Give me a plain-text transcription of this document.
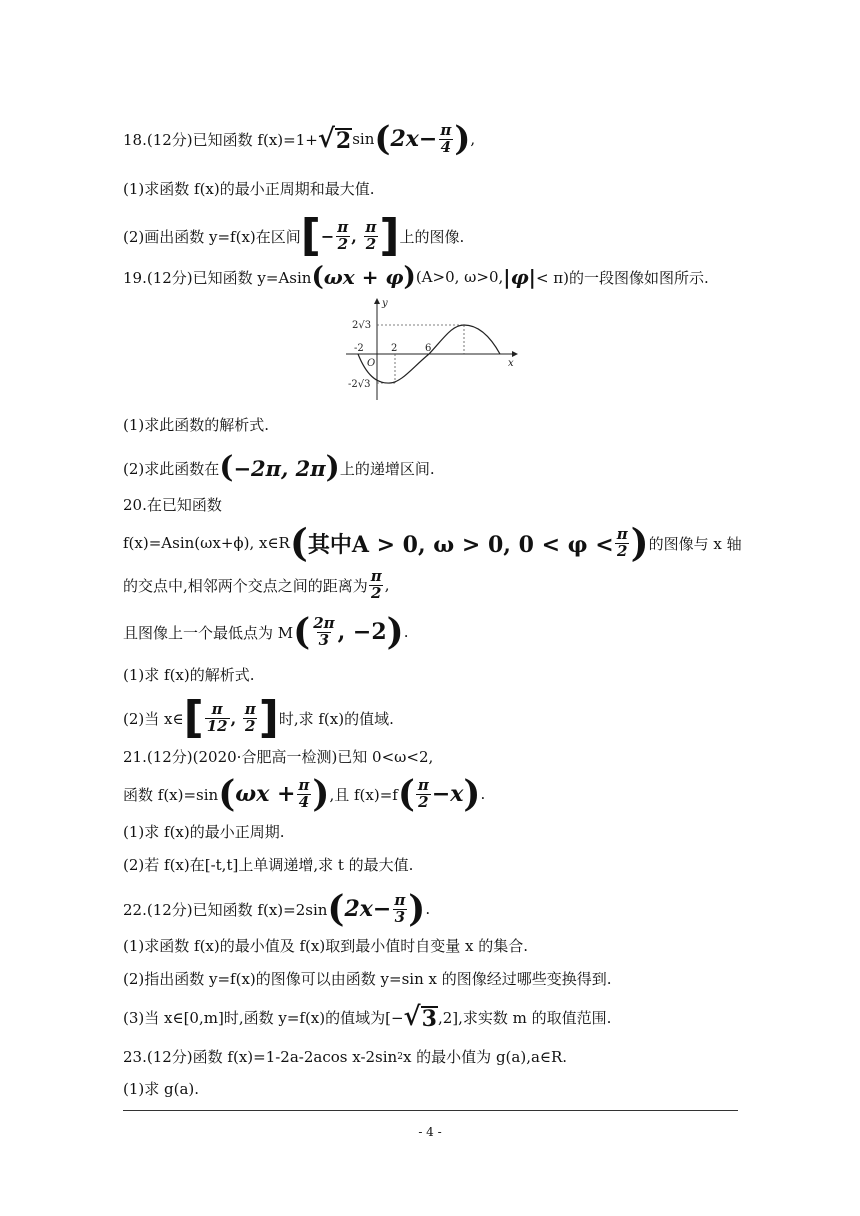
18.(12分)已知函数 f(x)=1+ √ 2 sin ( $2x- \frac{\pi}{4}$ ) ,
(1)求函数 f(x)的最小正周期和最大值.
(2)画出函数 y=f(x)在区间 [ − $\frac{\pi}{2}$ , $\frac{\pi}{2}$ ] 上的图像.
19.(12分)已知函数 y=Asin ( ωx + φ ) (A>0, ω>0, |φ| < π)的一段图像如图所示.
y
x
O
2√3
-2√3
-2	2	6
(1)求此函数的解析式.
(2)求此函数在 ( −2π, 2π ) 上的递增区间.
20.在已知函数
f(x)=Asin(ωx+ϕ), x∈R ( 其中A > 0, ω > 0, $0 < \varphi < \frac{\pi}{2}$ ) 的图像与 x 轴
的交点中,相邻两个交点之间的距离为 $\frac{\pi}{2}$ ,
且图像上一个最低点为 M ( $\frac{2\pi}{3}$ , −2 ) .
(1)求 f(x)的解析式.
(2)当 x∈ [ $\frac{\pi}{12}$ , $\frac{\pi}{2}$ ] 时,求 f(x)的值域.
21.(12分)(2020·合肥高一检测)已知 0<ω<2,
函数 f(x)=sin ( $\omega x + \frac{\pi}{4}$ ) ,且 f(x)=f ( $\frac{\pi}{2} -x$ ) .
(1)求 f(x)的最小正周期.
(2)若 f(x)在[-t,t]上单调递增,求 t 的最大值.
22.(12分)已知函数 f(x)=2sin ( $2x- \frac{\pi}{3}$ ) .
(1)求函数 f(x)的最小值及 f(x)取到最小值时自变量 x 的集合.
(2)指出函数 y=f(x)的图像可以由函数 y=sin x 的图像经过哪些变换得到.
(3)当 x∈[0,m]时,函数 y=f(x)的值域为[− √ 3 ,2],求实数 m 的取值范围.
23.(12分)函数 f(x)=1-2a-2acos x-2sin 2 x 的最小值为 g(a),a∈R.
(1)求 g(a).
- 4 -
